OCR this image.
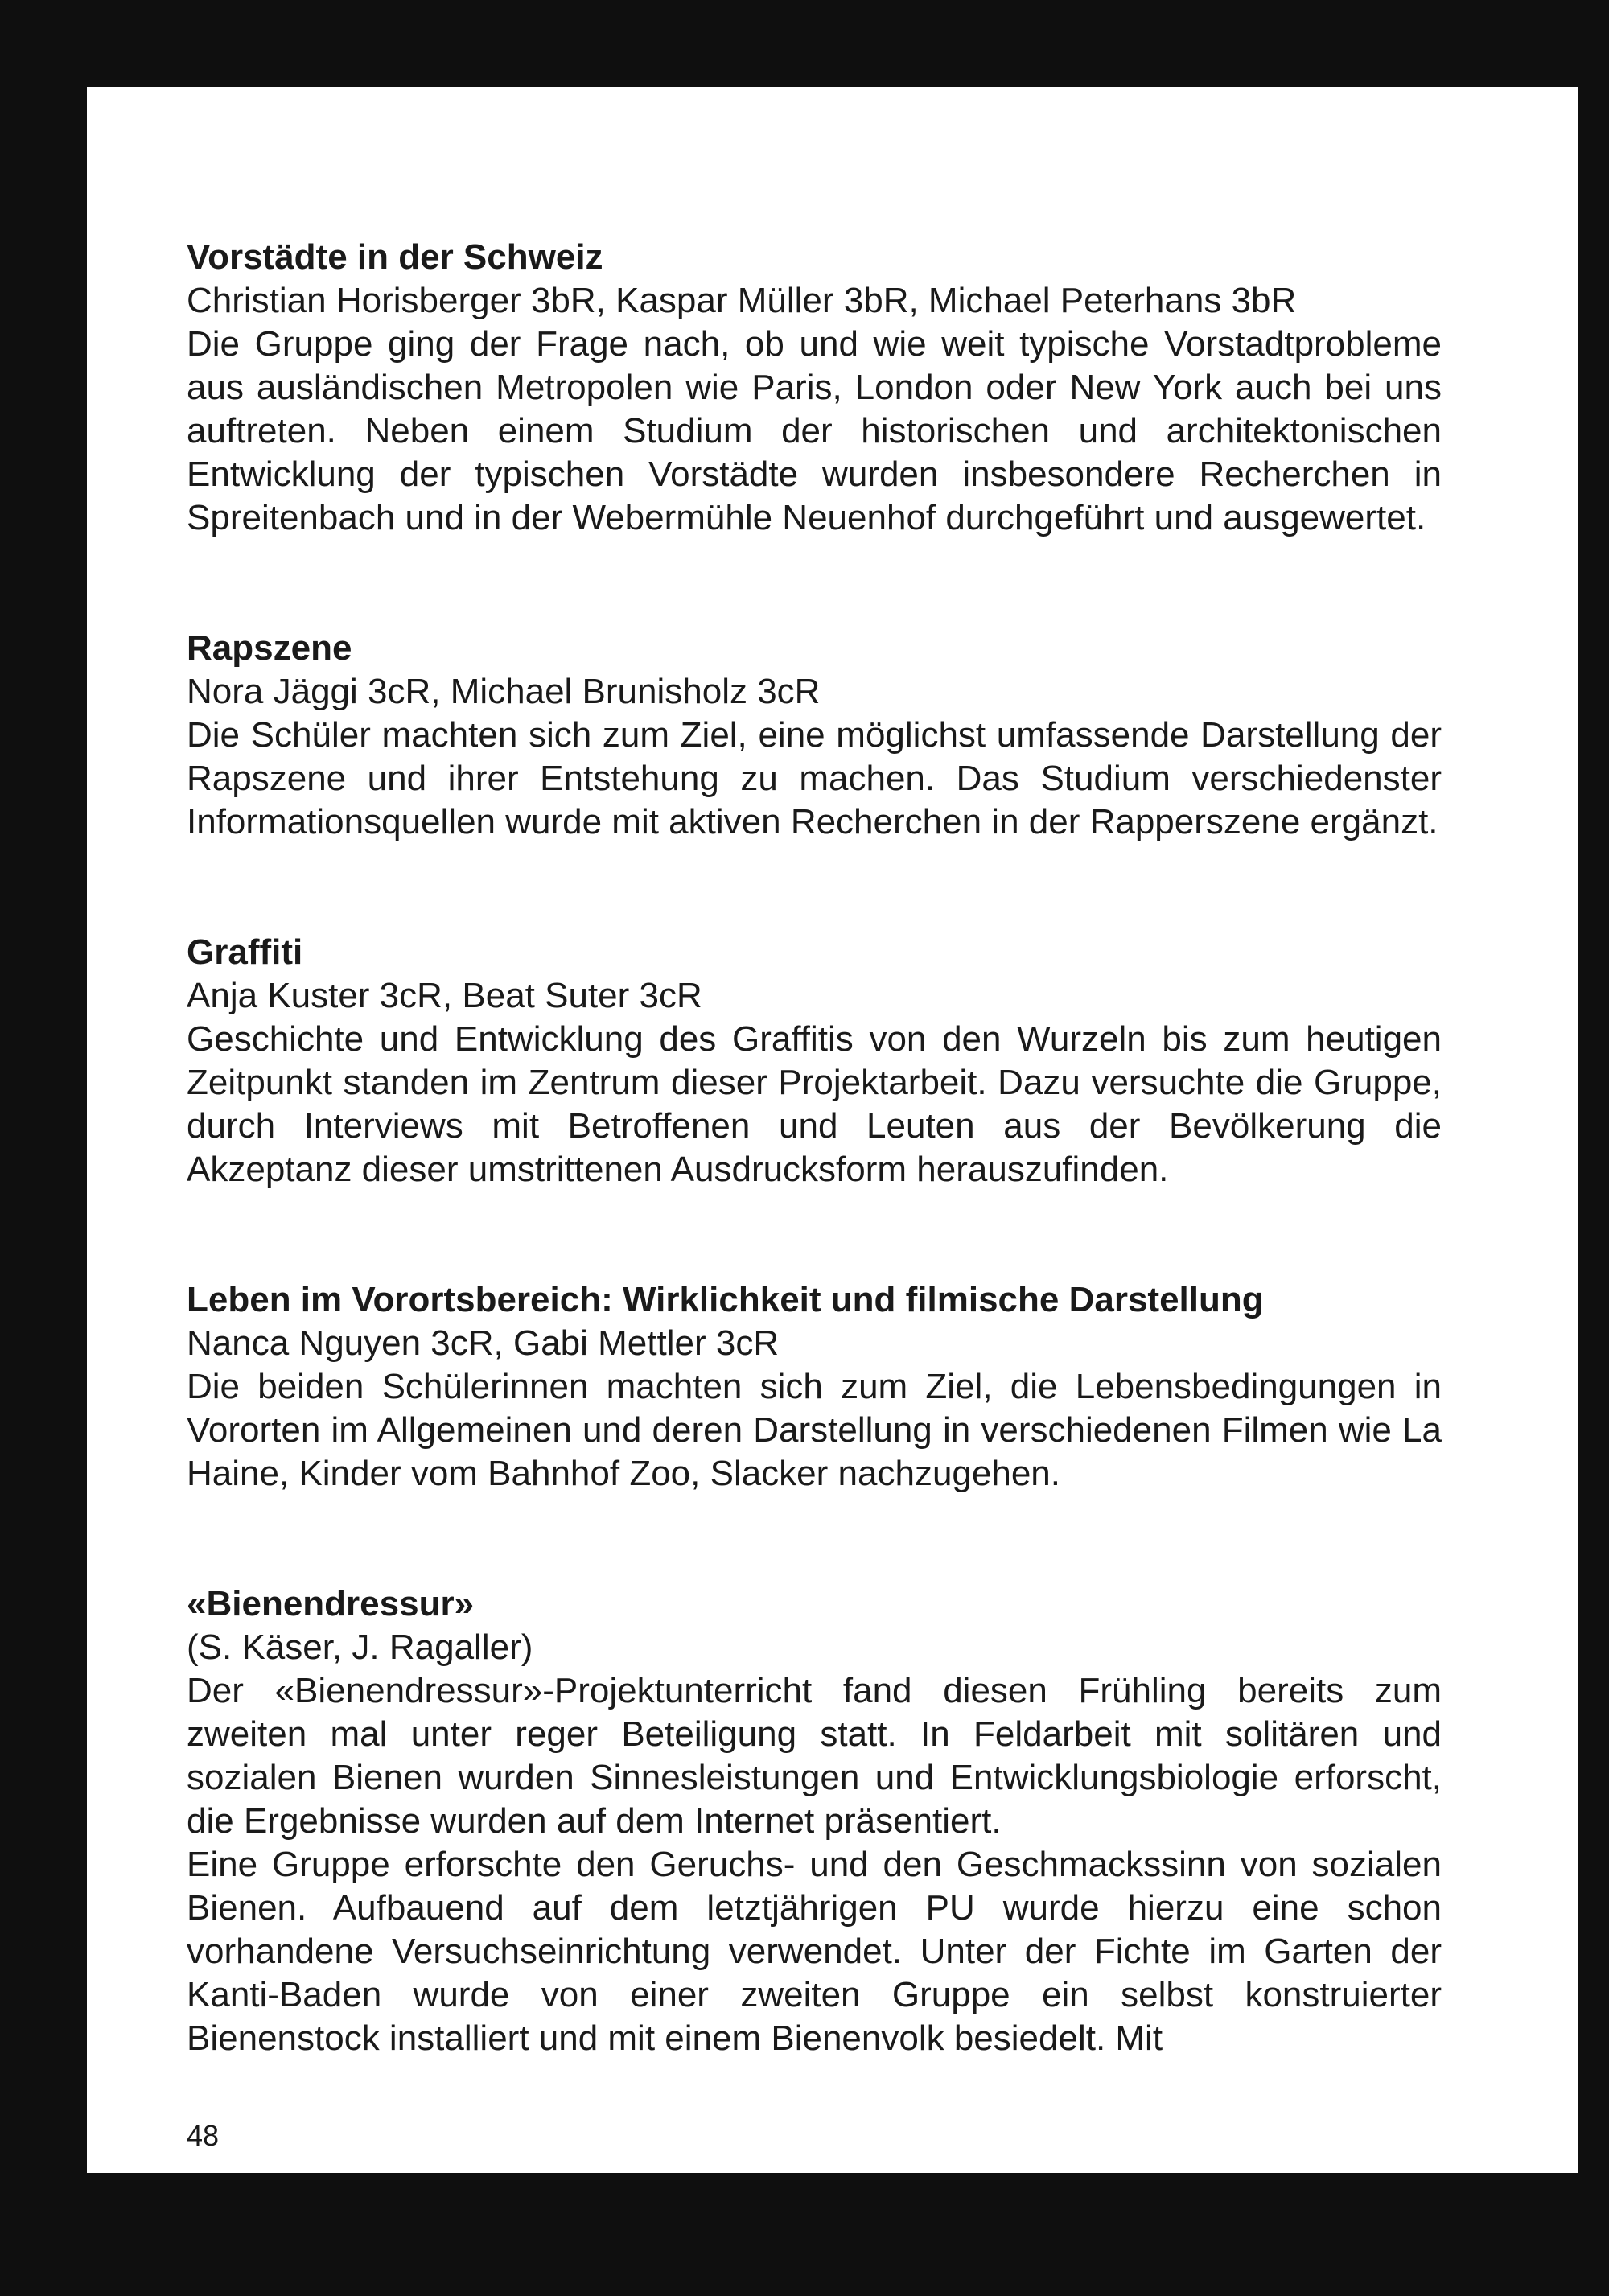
Vorstädte in der Schweiz

Christian Horisberger 3bR, Kaspar Müller 3bR, Michael Peterhans 3bR

Die Gruppe ging der Frage nach, ob und wie weit typische Vorstadtprobleme aus ausländischen Metropolen wie Paris, London oder New York auch bei uns auftreten. Neben einem Studium der historischen und architektonischen Entwicklung der typischen Vorstädte wurden insbesondere Recherchen in Spreitenbach und in der Webermühle Neuenhof durchgeführt und ausgewertet.

Rapszene

Nora Jäggi 3cR, Michael Brunisholz 3cR

Die Schüler machten sich zum Ziel, eine möglichst umfassende Darstellung der Rapszene und ihrer Entstehung zu machen. Das Studium verschiedenster Informationsquellen wurde mit aktiven Recherchen in der Rapperszene ergänzt.

Graffiti

Anja Kuster 3cR, Beat Suter 3cR

Geschichte und Entwicklung des Graffitis von den Wurzeln bis zum heutigen Zeitpunkt standen im Zentrum dieser Projektarbeit. Dazu versuchte die Gruppe, durch Interviews mit Betroffenen und Leuten aus der Bevölkerung die Akzeptanz dieser umstrittenen Ausdrucksform herauszufinden.

Leben im Vorortsbereich: Wirklichkeit und filmische Darstellung

Nanca Nguyen 3cR, Gabi Mettler 3cR

Die beiden Schülerinnen machten sich zum Ziel, die Lebensbedingungen in Vororten im Allgemeinen und deren Darstellung in verschiedenen Filmen wie La Haine, Kinder vom Bahnhof Zoo, Slacker nachzugehen.

«Bienendressur»

(S. Käser, J. Ragaller)

Der «Bienendressur»-Projektunterricht fand diesen Frühling bereits zum zweiten mal unter reger Beteiligung statt. In Feldarbeit mit solitären und sozialen Bienen wurden Sinnesleistungen und Entwicklungsbiologie erforscht, die Ergebnisse wurden auf dem Internet präsentiert.

Eine Gruppe erforschte den Geruchs- und den Geschmackssinn von sozialen Bienen. Aufbauend auf dem letztjährigen PU wurde hierzu eine schon vorhandene Versuchseinrichtung verwendet. Unter der Fichte im Garten der Kanti-Baden wurde von einer zweiten Gruppe ein selbst konstruierter Bienenstock installiert und mit einem Bienenvolk besiedelt. Mit

48
